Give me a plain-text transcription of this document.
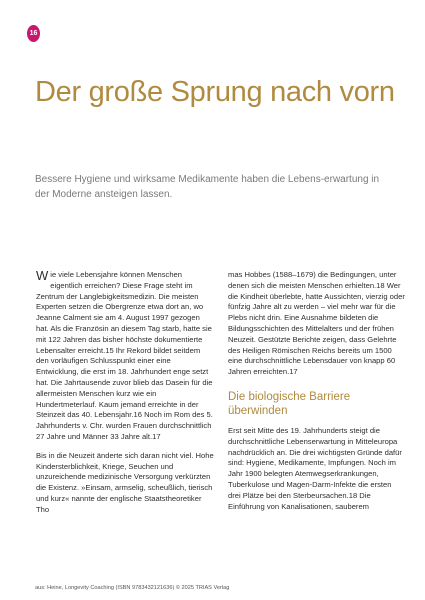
16
Der große Sprung nach vorn
Bessere Hygiene und wirksame Medikamente haben die Lebens-erwartung in der Moderne ansteigen lassen.

Wie viele Lebensjahre können Menschen eigentlich erreichen? Diese Frage steht im Zentrum der Langlebigkeitsmedizin. Die meisten Experten setzen die Obergrenze etwa dort an, wo Jeanne Calment sie am 4. August 1997 gezogen hat. Als die Französin an diesem Tag starb, hatte sie mit 122 Jahren das bisher höchste dokumentierte Lebensalter erreicht.15 Ihr Rekord bildet seitdem den vorläufigen Schlusspunkt einer eine Entwicklung, die erst im 18. Jahrhundert enge setzt hat. Die Jahrtausende zuvor blieb das Dasein für die allermeisten Menschen kurz wie ein Hundertmeterlauf. Kaum jemand erreichte in der Steinzeit das 40. Lebensjahr.16 Noch im Rom des 5. Jahrhunderts v. Chr. wurden Frauen durchschnittlich 27 Jahre und Männer 33 Jahre alt.17

Bis in die Neuzeit änderte sich daran nicht viel. Hohe Kindersterblichkeit, Kriege, Seuchen und unzureichende medizinische Versorgung verkürzten die Existenz. »Einsam, armselig, scheußlich, tierisch und kurz« nannte der englische Staatstheoretiker Tho

mas Hobbes (1588–1679) die Bedingungen, unter denen sich die meisten Menschen erhielten.18 Wer die Kindheit überlebte, hatte Aussichten, vierzig oder fünfzig Jahre alt zu werden – viel mehr war für die Plebs nicht drin. Eine Ausnahme bildeten die Bildungsschichten des Mittelalters und der frühen Neuzeit. Gestützte Berichte zeigen, dass Gelehrte des Heiligen Römischen Reichs bereits um 1500 eine durchschnittliche Lebensdauer von knapp 60 Jahren erreichten.17

Die biologische Barriere überwinden

Erst seit Mitte des 19. Jahrhunderts steigt die durchschnittliche Lebenserwartung in Mitteleuropa nachdrücklich an. Die drei wichtigsten Gründe dafür sind: Hygiene, Medikamente, Impfungen. Noch im Jahr 1900 belegten Atemwegserkrankungen, Tuberkulose und Magen-Darm-Infekte die ersten drei Plätze bei den Sterbeursachen.18 Die Einführung von Kanalisationen, sauberem

aus: Heine, Longevity Coaching (ISBN 9783432121636) © 2025 TRIAS Verlag
